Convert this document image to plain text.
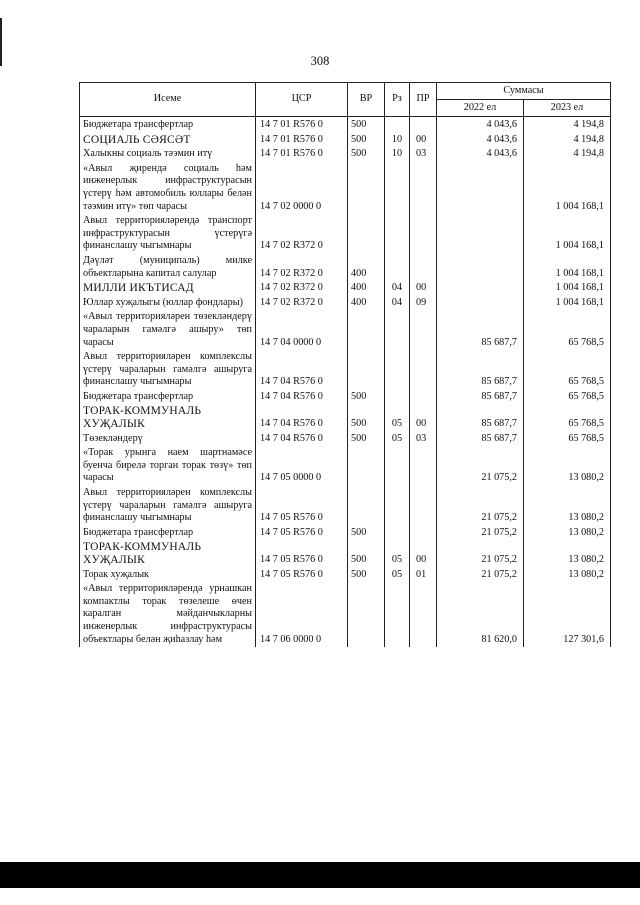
308
Исеме	ЦСР	ВР	Рз	ПР	Суммасы	
					2022 ел	2023 ел
Бюджетара трансфертлар	14 7 01 R576 0	500			4 043,6	4 194,8
СОЦИАЛЬ СӘЯСӘТ	14 7 01 R576 0	500	10	00	4 043,6	4 194,8
Халыкны социаль тәэмин итү	14 7 01 R576 0	500	10	03	4 043,6	4 194,8
«Авыл җирендә социаль һәм инженерлык инфраструктурасын үстерү һәм автомобиль юллары белән тәэмин итү» төп чарасы	14 7 02 0000 0					1 004 168,1
Авыл территорияләрендә транспорт инфраструктурасын үстерүгә финанслашу чыгымнары	14 7 02 R372 0					1 004 168,1
Дәүләт (муниципаль) милке объектларына капитал салулар	14 7 02 R372 0	400				1 004 168,1
МИЛЛИ ИКЪТИСАД	14 7 02 R372 0	400	04	00		1 004 168,1
Юллар хуҗалыгы (юллар фондлары)	14 7 02 R372 0	400	04	09		1 004 168,1
«Авыл территорияләрен төзекләндерү чараларын гамәлгә ашыру» төп чарасы	14 7 04 0000 0				85 687,7	65 768,5
Авыл территорияләрен комплекслы үстерү чараларын гамәлгә ашыруга финанслашу чыгымнары	14 7 04 R576 0				85 687,7	65 768,5
Бюджетара трансфертлар	14 7 04 R576 0	500			85 687,7	65 768,5
ТОРАК-КОММУНАЛЬ ХУҖАЛЫК	14 7 04 R576 0	500	05	00	85 687,7	65 768,5
Төзекләндерү	14 7 04 R576 0	500	05	03	85 687,7	65 768,5
«Торак урынга наем шартнамәсе буенча бирелә торган торак төзү» төп чарасы	14 7 05 0000 0				21 075,2	13 080,2
Авыл территорияләрен комплекслы үстерү чараларын гамәлгә ашыруга финанслашу чыгымнары	14 7 05 R576 0				21 075,2	13 080,2
Бюджетара трансфертлар	14 7 05 R576 0	500			21 075,2	13 080,2
ТОРАК-КОММУНАЛЬ ХУҖАЛЫК	14 7 05 R576 0	500	05	00	21 075,2	13 080,2
Торак хуҗалык	14 7 05 R576 0	500	05	01	21 075,2	13 080,2
«Авыл территорияләрендә урнашкан компактлы торак төзелеше өчен каралган мәйданчыкларны инженерлык инфраструктурасы объектлары белән җиһазлау һәм	14 7 06 0000 0				81 620,0	127 301,6
